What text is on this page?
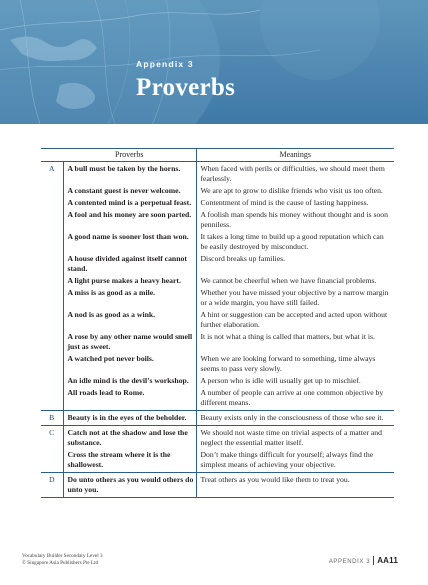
Appendix 3
Proverbs
	Proverbs	Meanings
A	A bull must be taken by the horns.	When faced with perils or difficulties, we should meet them fearlessly.
	A constant guest is never welcome.	We are apt to grow to dislike friends who visit us too often.
	A contented mind is a perpetual feast.	Contentment of mind is the cause of lasting happiness.
	A fool and his money are soon parted.	A foolish man spends his money without thought and is soon penniless.
	A good name is sooner lost than won.	It takes a long time to build up a good reputation which can be easily destroyed by misconduct.
	A house divided against itself cannot stand.	Discord breaks up families.
	A light purse makes a heavy heart.	We cannot be cheerful when we have financial problems.
	A miss is as good as a mile.	Whether you have missed your objective by a narrow margin or a wide margin, you have still failed.
	A nod is as good as a wink.	A hint or suggestion can be accepted and acted upon without further elaboration.
	A rose by any other name would smell just as sweet.	It is not what a thing is called that matters, but what it is.
	A watched pot never boils.	When we are looking forward to something, time always seems to pass very slowly.
	An idle mind is the devil’s workshop.	A person who is idle will usually get up to mischief.
	All roads lead to Rome.	A number of people can arrive at one common objective by different means.
B	Beauty is in the eyes of the beholder.	Beauty exists only in the consciousness of those who see it.
C	Catch not at the shadow and lose the substance.	We should not waste time on trivial aspects of a matter and neglect the essential matter itself.
	Cross the stream where it is the shallowest.	Don’t make things difficult for yourself; always find the simplest means of achieving your objective.
D	Do unto others as you would others do unto you.	Treat others as you would like them to treat you.
Vocabulary Builder Secondary Level 3
© Singapore Asia Publishers Pte Ltd	APPENDIX 3 AA11
